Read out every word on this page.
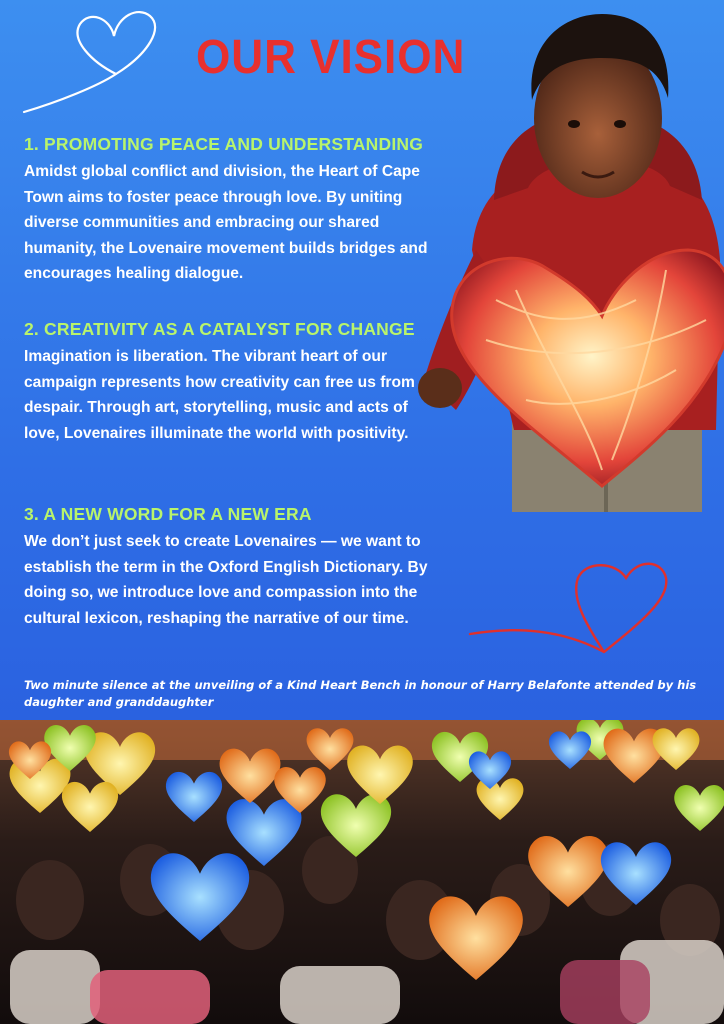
OUR VISION
1. PROMOTING PEACE AND UNDERSTANDING

Amidst global conflict and division, the Heart of Cape Town aims to foster peace through love. By uniting diverse communities and embracing our shared humanity, the Lovenaire movement builds bridges and encourages healing dialogue.

2. CREATIVITY AS A CATALYST FOR CHANGE

Imagination is liberation. The vibrant heart of our campaign represents how creativity can free us from despair. Through art, storytelling, music and acts of love, Lovenaires illuminate the world with positivity.

3. A NEW WORD FOR A NEW ERA

We don’t just seek to create Lovenaires — we want to establish the term in the Oxford English Dictionary. By doing so, we introduce love and compassion into the cultural lexicon, reshaping the narrative of our time.

Two minute silence at the unveiling of a Kind Heart Bench in honour of Harry Belafonte attended by his daughter and granddaughter
